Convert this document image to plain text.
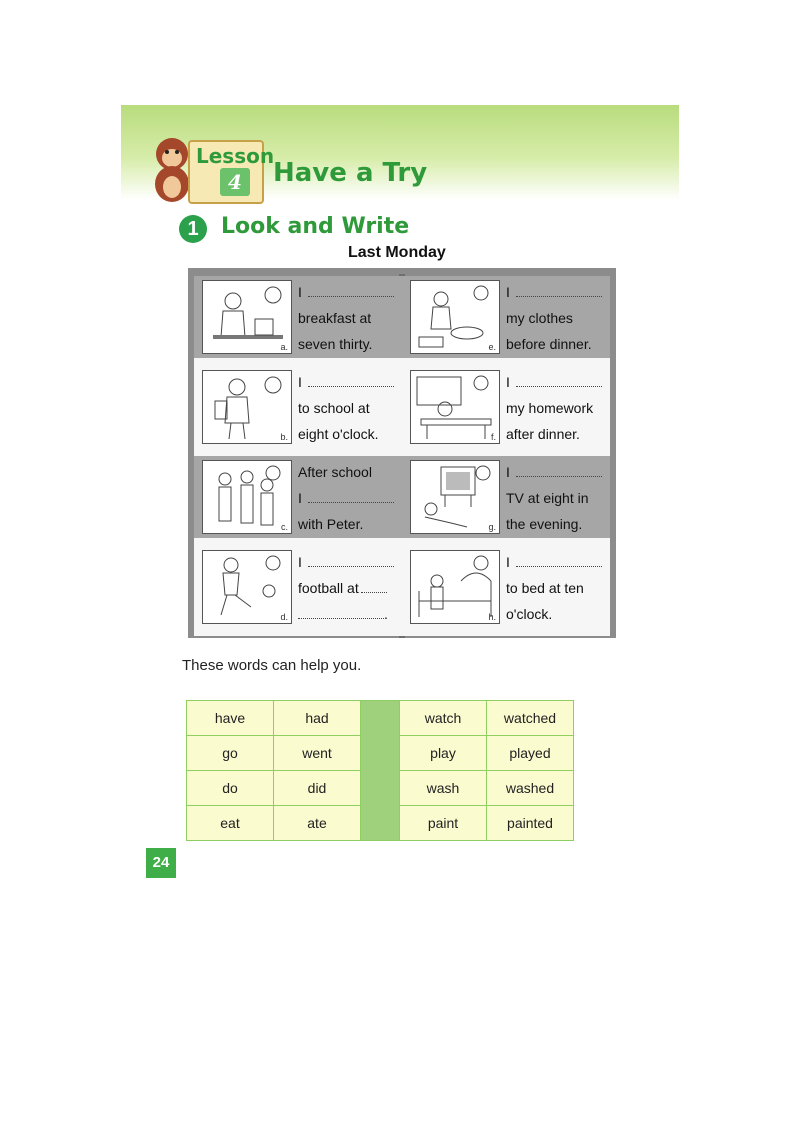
Lesson
4	Have a Try
1	Look and Write
Last Monday
a.
I
breakfast at
seven thirty.
b.
I
to school at
eight o'clock.
c.
After school
I
with Peter.
d.
I
football at
.
e.
I
my clothes
before dinner.
f.
I
my homework
after dinner.
g.
I
TV at eight in
the evening.
h.
I
to bed at ten
o'clock.
These words can help you.
have	had		watch	watched
go	went		play	played
do	did		wash	washed
eat	ate		paint	painted
24
